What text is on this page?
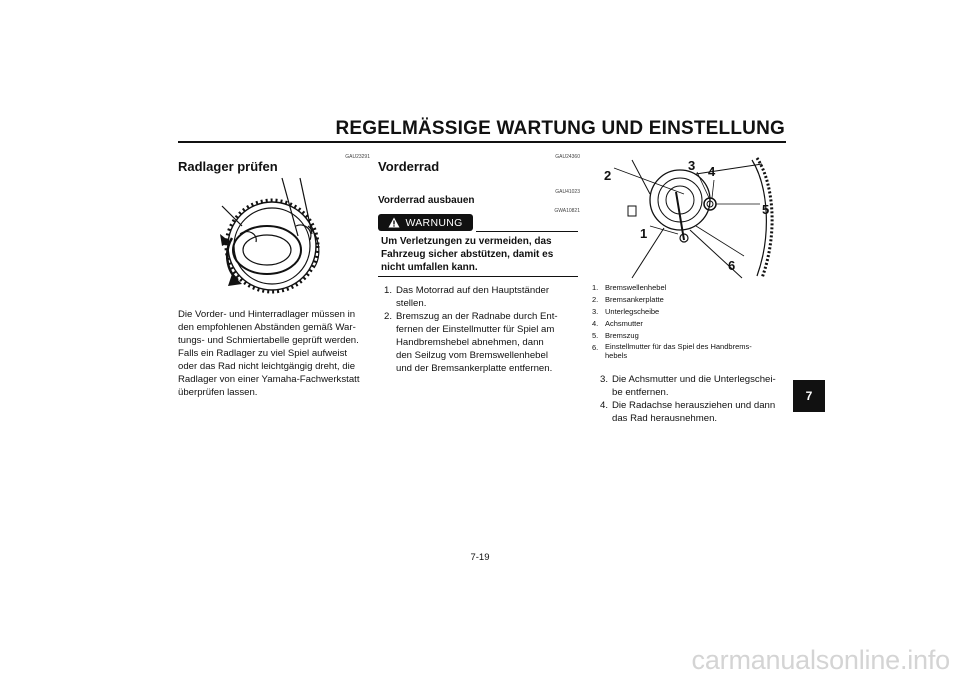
REGELMÄSSIGE WARTUNG UND EINSTELLUNG
GAU23291
Radlager prüfen
Die Vorder- und Hinterradlager müssen in
den empfohlenen Abständen gemäß War-
tungs- und Schmiertabelle geprüft werden.
Falls ein Radlager zu viel Spiel aufweist
oder das Rad nicht leichtgängig dreht, die
Radlager von einer Yamaha-Fachwerkstatt
überprüfen lassen.
GAU24360
Vorderrad
GAU41023
Vorderrad ausbauen
GWA10821
WARNUNG
Um Verletzungen zu vermeiden, das
Fahrzeug sicher abstützen, damit es
nicht umfallen kann.
1. Das Motorrad auf den Hauptständer
stellen.
2. Bremszug an der Radnabe durch Ent-
fernen der Einstellmutter für Spiel am
Handbremshebel abnehmen, dann
den Seilzug vom Bremswellenhebel
und der Bremsankerplatte entfernen.
1
2
3 4
5
6
1. Bremswellenhebel
2. Bremsankerplatte
3. Unterlegscheibe
4. Achsmutter
5. Bremszug
6. Einstellmutter für das Spiel des Handbrems-
hebels
3. Die Achsmutter und die Unterlegschei-
be entfernen.
4. Die Radachse herausziehen und dann
das Rad herausnehmen.
7
7-19
carmanualsonline.info
